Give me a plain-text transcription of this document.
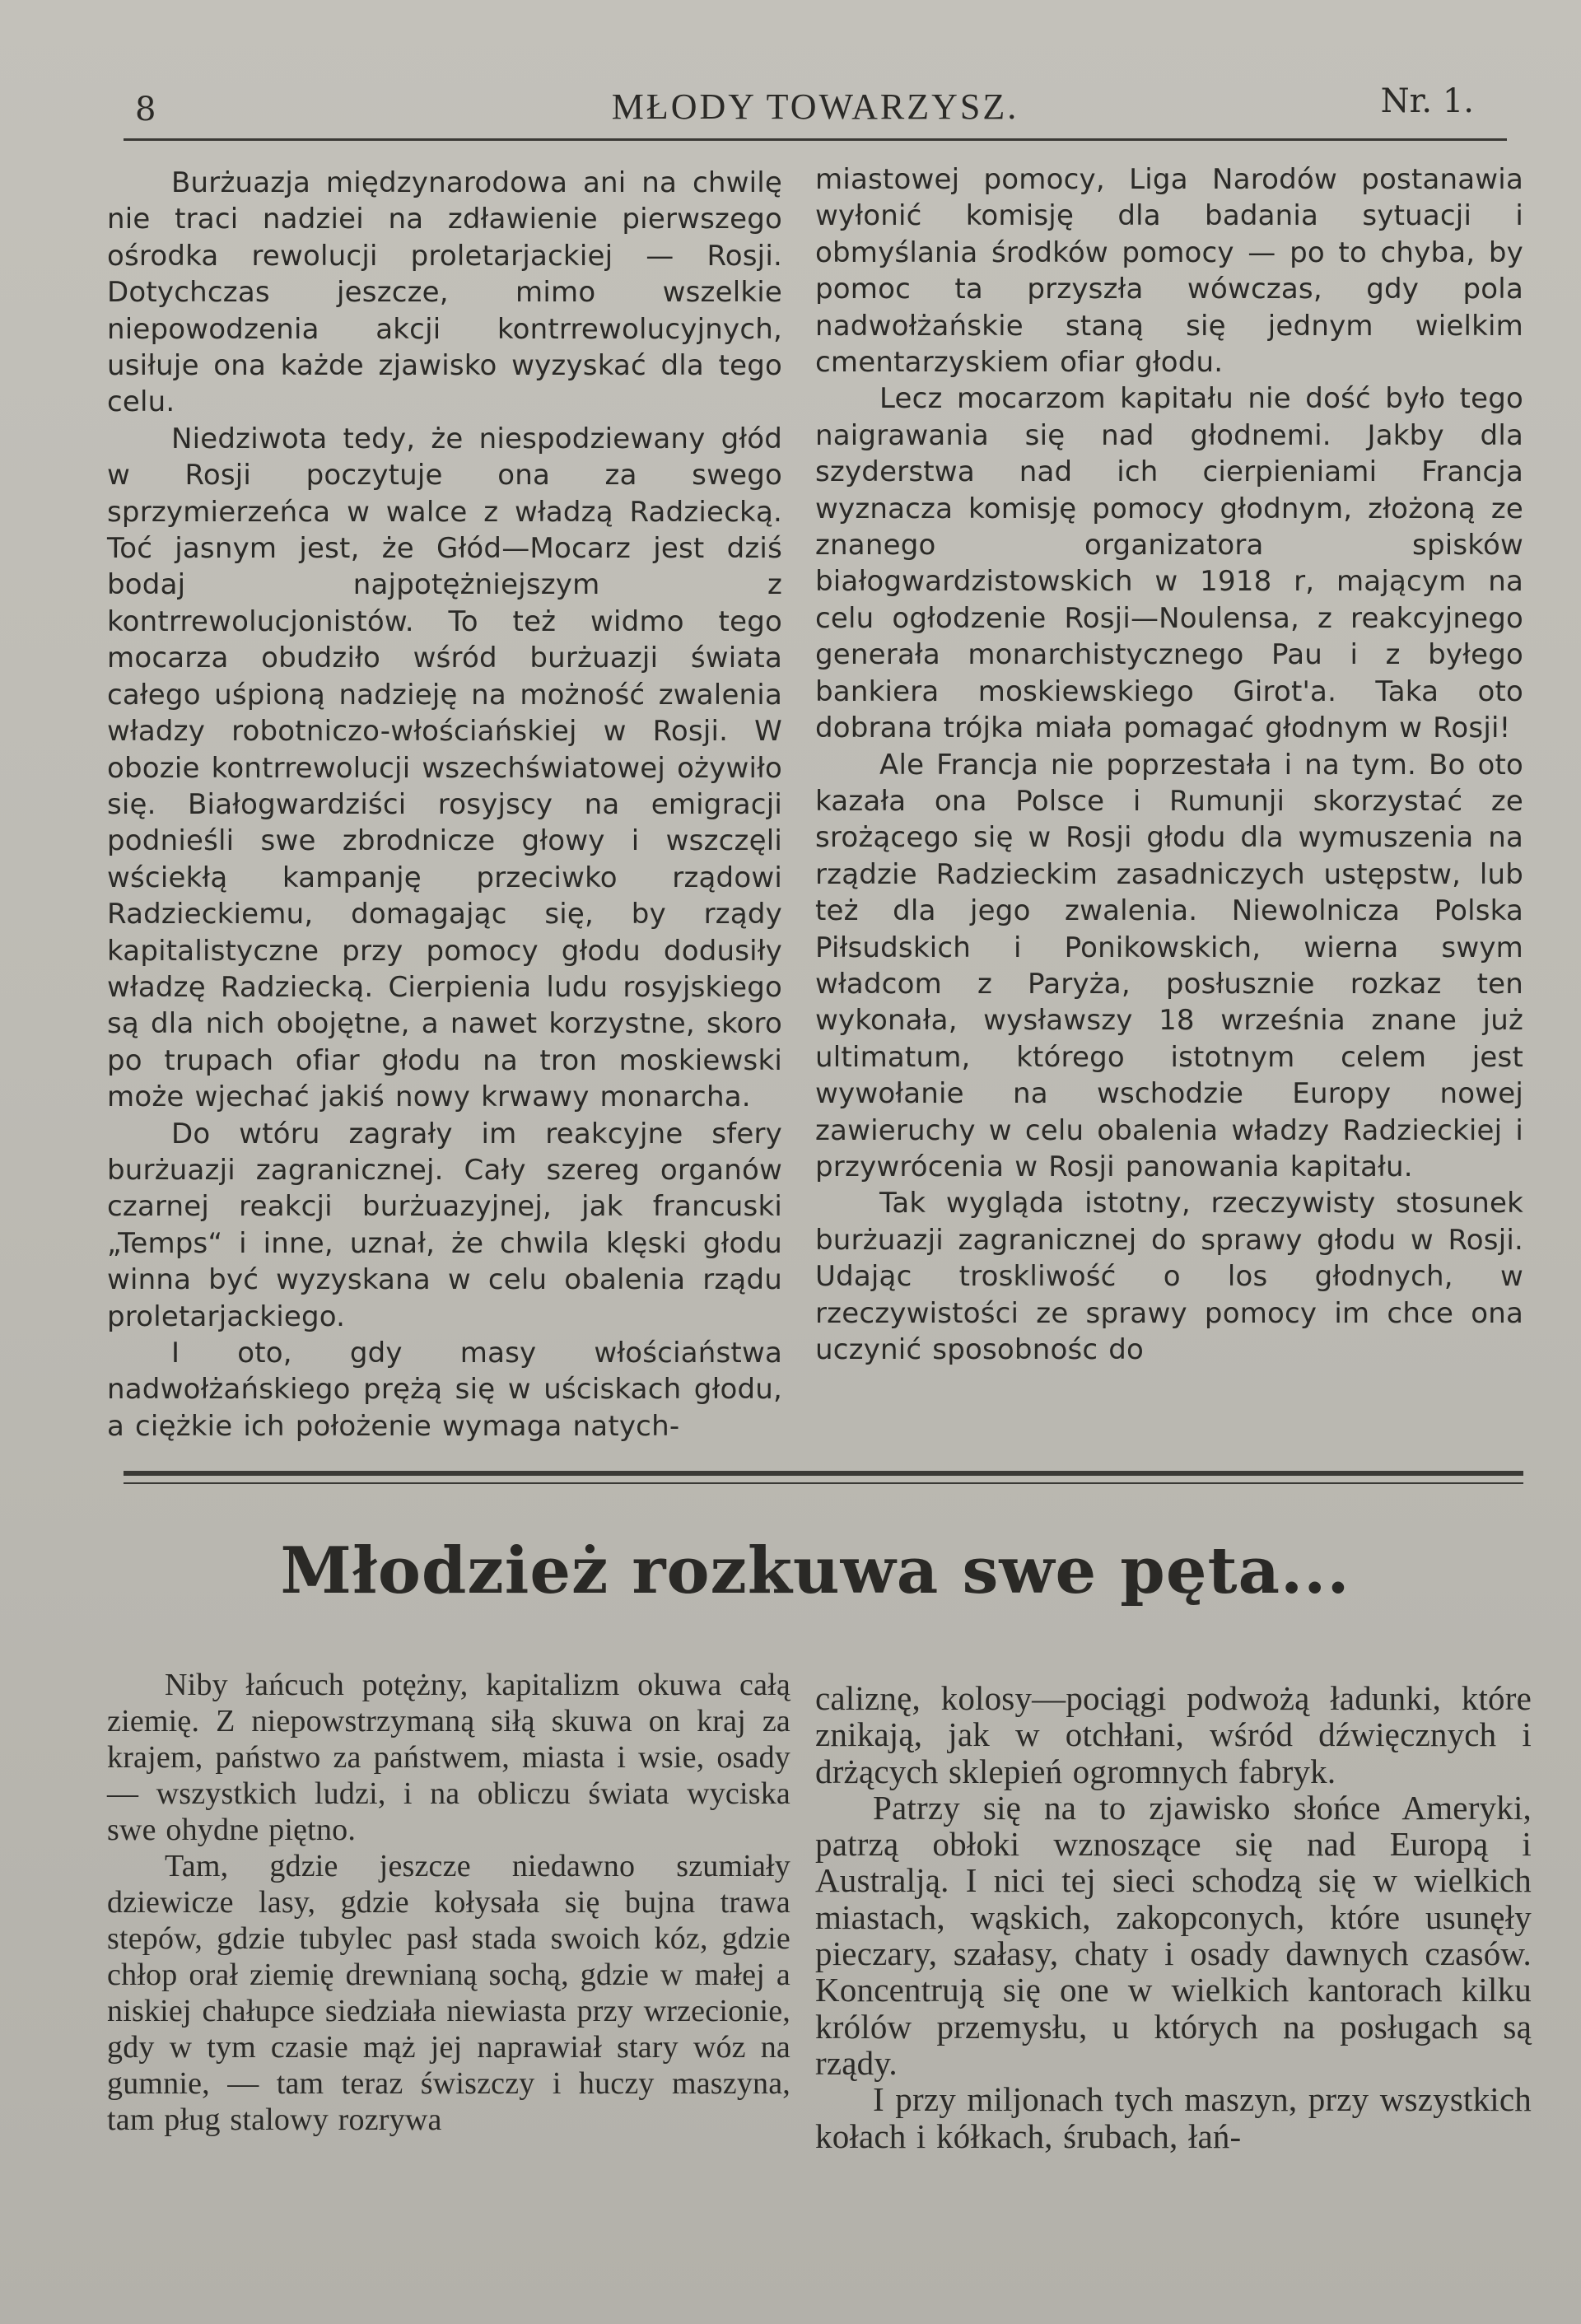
8	MŁODY TOWARZYSZ.	Nr. 1.

Burżuazja międzynarodowa ani na chwilę nie traci nadziei na zdławienie pierwszego ośrodka rewolucji proletarjackiej — Rosji. Dotychczas jeszcze, mimo wszelkie niepowodzenia akcji kontrrewolucyjnych, usiłuje ona każde zjawisko wyzyskać dla tego celu.

Niedziwota tedy, że niespodziewany głód w Rosji poczytuje ona za swego sprzymierzeńca w walce z władzą Radziecką. Toć jasnym jest, że Głód—Mocarz jest dziś bodaj najpotężniejszym z kontrrewolucjonistów. To też widmo tego mocarza obudziło wśród burżuazji świata całego uśpioną nadzieję na możność zwalenia władzy robotniczo-włościańskiej w Rosji. W obozie kontrrewolucji wszechświatowej ożywiło się. Białogwardziści rosyjscy na emigracji podnieśli swe zbrodnicze głowy i wszczęli wściekłą kampanję przeciwko rządowi Radzieckiemu, domagając się, by rządy kapitalistyczne przy pomocy głodu dodusiły władzę Radziecką. Cierpienia ludu rosyjskiego są dla nich obojętne, a nawet korzystne, skoro po trupach ofiar głodu na tron moskiewski może wjechać jakiś nowy krwawy monarcha.

Do wtóru zagrały im reakcyjne sfery burżuazji zagranicznej. Cały szereg organów czarnej reakcji burżuazyjnej, jak francuski „Temps“ i inne, uznał, że chwila klęski głodu winna być wyzyskana w celu obalenia rządu proletarjackiego.

I oto, gdy masy włościaństwa nadwołżańskiego prężą się w uściskach głodu, a ciężkie ich położenie wymaga natych-

miastowej pomocy, Liga Narodów postanawia wyłonić komisję dla badania sytuacji i obmyślania środków pomocy — po to chyba, by pomoc ta przyszła wówczas, gdy pola nadwołżańskie staną się jednym wielkim cmentarzyskiem ofiar głodu.

Lecz mocarzom kapitału nie dość było tego naigrawania się nad głodnemi. Jakby dla szyderstwa nad ich cierpieniami Francja wyznacza komisję pomocy głodnym, złożoną ze znanego organizatora spisków białogwardzistowskich w 1918 r, mającym na celu ogłodzenie Rosji—Noulensa, z reakcyjnego generała monarchistycznego Pau i z byłego bankiera moskiewskiego Girot'a. Taka oto dobrana trójka miała pomagać głodnym w Rosji!

Ale Francja nie poprzestała i na tym. Bo oto kazała ona Polsce i Rumunji skorzystać ze srożącego się w Rosji głodu dla wymuszenia na rządzie Radzieckim zasadniczych ustępstw, lub też dla jego zwalenia. Niewolnicza Polska Piłsudskich i Ponikowskich, wierna swym władcom z Paryża, posłusznie rozkaz ten wykonała, wysławszy 18 września znane już ultimatum, którego istotnym celem jest wywołanie na wschodzie Europy nowej zawieruchy w celu obalenia władzy Radzieckiej i przywrócenia w Rosji panowania kapitału.

Tak wygląda istotny, rzeczywisty stosunek burżuazji zagranicznej do sprawy głodu w Rosji. Udając troskliwość o los głodnych, w rzeczywistości ze sprawy pomocy im chce ona uczynić sposobnośc do

Młodzież rozkuwa swe pęta...

Niby łańcuch potężny, kapitalizm okuwa całą ziemię. Z niepowstrzymaną siłą skuwa on kraj za krajem, państwo za państwem, miasta i wsie, osady — wszystkich ludzi, i na obliczu świata wyciska swe ohydne piętno.

Tam, gdzie jeszcze niedawno szumiały dziewicze lasy, gdzie kołysała się bujna trawa stepów, gdzie tubylec pasł stada swoich kóz, gdzie chłop orał ziemię drewnianą sochą, gdzie w małej a niskiej chałupce siedziała niewiasta przy wrzecionie, gdy w tym czasie mąż jej naprawiał stary wóz na gumnie, — tam teraz świszczy i huczy maszyna, tam pług stalowy rozrywa

caliznę, kolosy—pociągi podwożą ładunki, które znikają, jak w otchłani, wśród dźwięcznych i drżących sklepień ogromnych fabryk.

Patrzy się na to zjawisko słońce Ameryki, patrzą obłoki wznoszące się nad Europą i Australją. I nici tej sieci schodzą się w wielkich miastach, wąskich, zakopconych, które usunęły pieczary, szałasy, chaty i osady dawnych czasów. Koncentrują się one w wielkich kantorach kilku królów przemysłu, u których na posługach są rządy.

I przy miljonach tych maszyn, przy wszystkich kołach i kółkach, śrubach, łań-
